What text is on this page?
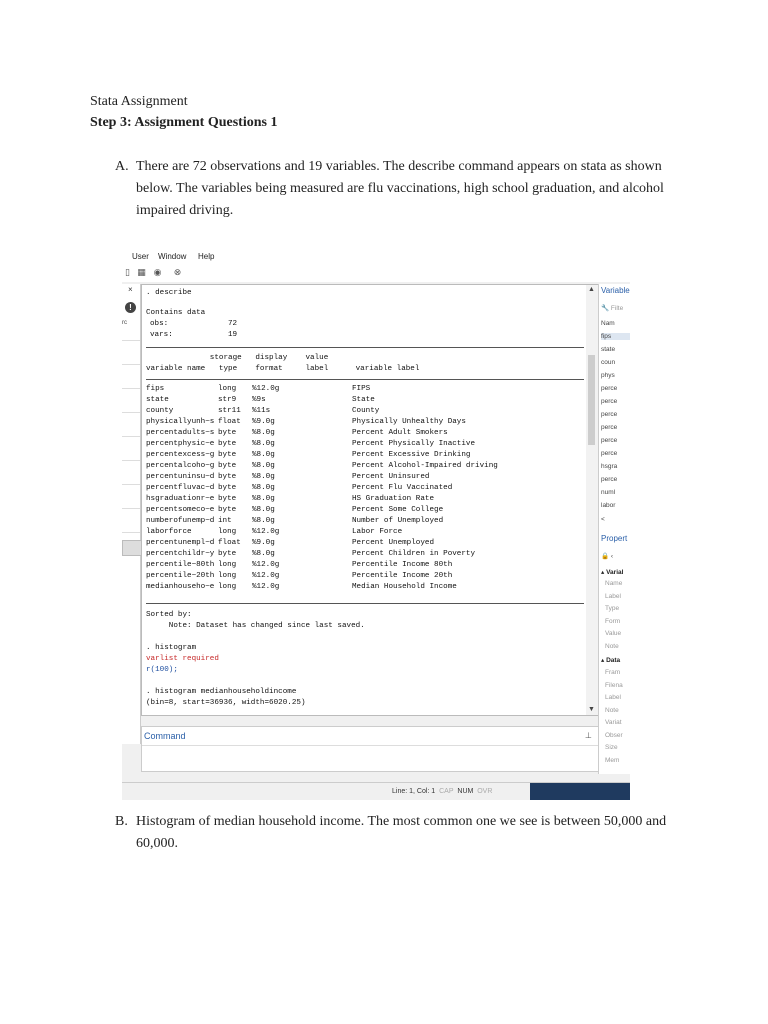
Stata Assignment
Step 3: Assignment Questions 1
A. There are 72 observations and 19 variables. The describe command appears on stata as shown below. The variables being measured are flu vaccinations, high school graduation, and alcohol impaired driving.
User Window Help
▯ ▦ ◉ ⊗
×
!
rc
. describe
Contains data
obs:	72
vars:	19
storage   display    value
variable name   type    format     label      variable label
fips	long %12.0g	FIPS
state	str9 %9s	State
county	str11 %11s	County
physicallyunh~s float %9.0g	Physically Unhealthy Days
percentadults~s byte %8.0g	Percent Adult Smokers
percentphysic~e byte %8.0g	Percent Physically Inactive
percentexcess~g byte %8.0g	Percent Excessive Drinking
percentalcoho~g byte %8.0g	Percent Alcohol-Impaired driving
percentuninsu~d byte %8.0g	Percent Uninsured
percentfluvac~d byte %8.0g	Percent Flu Vaccinated
hsgraduationr~e byte %8.0g	HS Graduation Rate
percentsomeco~e byte %8.0g	Percent Some College
numberofunemp~d int	%8.0g	Number of Unemployed
laborforce	long %12.0g	Labor Force
percentunempl~d float %9.0g	Percent Unemployed
percentchildr~y byte %8.0g	Percent Children in Poverty
percentile~80th long %12.0g	Percentile Income 80th
percentile~20th long %12.0g	Percentile Income 20th
medianhouseho~e long %12.0g	Median Household Income
Sorted by:
Note: Dataset has changed since last saved.
. histogram
varlist required
r(100);
. histogram medianhouseholdincome
(bin=8, start=36936, width=6020.25)
▲
▼
Command	⊥
Variable
🔧 Filte
Nam
fips
state
coun
phys
perce
perce
perce
perce
perce
perce
hsgra
perce
numl
labor
<
Propert
🔒 ‹
▴ Varial
Name
Label
Type
Form
Value
Note
▴ Data
Fram
Filena
Label
Note
Variat
Obser
Size
Mem
Line: 1, Col: 1 CAP NUM OVR
B. Histogram of median household income. The most common one we see is between 50,000 and 60,000.
